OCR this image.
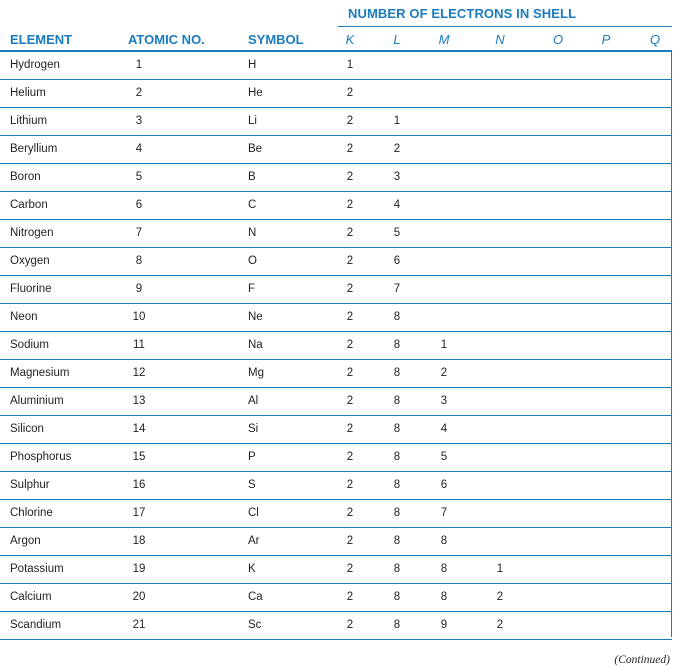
NUMBER OF ELECTRONS IN SHELL
ELEMENT	ATOMIC NO.	SYMBOL	K	L	M	N	O	P	Q
Hydrogen	1	H	1
Helium	2	He	2
Lithium	3	Li	2	1
Beryllium	4	Be	2	2
Boron	5	B	2	3
Carbon	6	C	2	4
Nitrogen	7	N	2	5
Oxygen	8	O	2	6
Fluorine	9	F	2	7
Neon	10	Ne	2	8
Sodium	11	Na	2	8	1
Magnesium	12	Mg	2	8	2
Aluminium	13	Al	2	8	3
Silicon	14	Si	2	8	4
Phosphorus	15	P	2	8	5
Sulphur	16	S	2	8	6
Chlorine	17	Cl	2	8	7
Argon	18	Ar	2	8	8
Potassium	19	K	2	8	8	1
Calcium	20	Ca	2	8	8	2
Scandium	21	Sc	2	8	9	2
(Continued)
